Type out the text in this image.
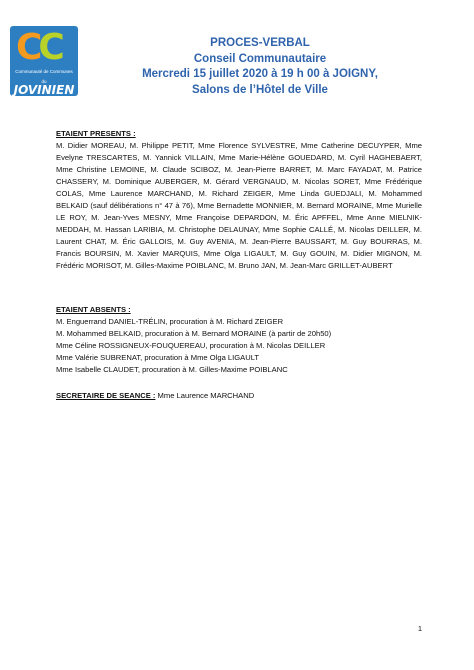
CC
Communauté de Communes
du
JOVINIEN
PROCES-VERBAL
Conseil Communautaire
Mercredi 15 juillet 2020 à 19 h 00 à JOIGNY,
Salons de l’Hôtel de Ville
ETAIENT PRESENTS :
M. Didier MOREAU, M. Philippe PETIT, Mme Florence SYLVESTRE, Mme Catherine DECUYPER, Mme Evelyne TRESCARTES, M. Yannick VILLAIN, Mme Marie-Hélène GOUEDARD, M. Cyril HAGHEBAERT, Mme Christine LEMOINE, M. Claude SCIBOZ, M. Jean-Pierre BARRET, M. Marc FAYADAT, M. Patrice CHASSERY, M. Dominique AUBERGER, M. Gérard VERGNAUD, M. Nicolas SORET, Mme Frédérique COLAS, Mme Laurence MARCHAND, M. Richard ZEIGER, Mme Linda GUEDJALI, M. Mohammed BELKAID (sauf délibérations n° 47 à 76), Mme Bernadette MONNIER, M. Bernard MORAINE, Mme Murielle LE ROY, M. Jean-Yves MESNY, Mme Françoise DEPARDON, M. Éric APFFEL, Mme Anne MIELNIK-MEDDAH, M. Hassan LARIBIA, M. Christophe DELAUNAY, Mme Sophie CALLÉ, M. Nicolas DEILLER, M. Laurent CHAT, M. Éric GALLOIS, M. Guy AVENIA, M. Jean-Pierre BAUSSART, M. Guy BOURRAS, M. Francis BOURSIN, M. Xavier MARQUIS, Mme Olga LIGAULT, M. Guy GOUIN, M. Didier MIGNON, M. Frédéric MORISOT, M. Gilles-Maxime POIBLANC, M. Bruno JAN, M. Jean-Marc GRILLET-AUBERT
ETAIENT ABSENTS :
M. Enguerrand DANIEL-TRÉLIN, procuration à M. Richard ZEIGER
M. Mohammed BELKAID, procuration à M. Bernard MORAINE (à partir de 20h50)
Mme Céline ROSSIGNEUX-FOUQUEREAU, procuration à M. Nicolas DEILLER
Mme Valérie SUBRENAT, procuration à Mme Olga LIGAULT
Mme Isabelle CLAUDET, procuration à M. Gilles-Maxime POIBLANC
SECRETAIRE DE SEANCE : Mme Laurence MARCHAND
1
